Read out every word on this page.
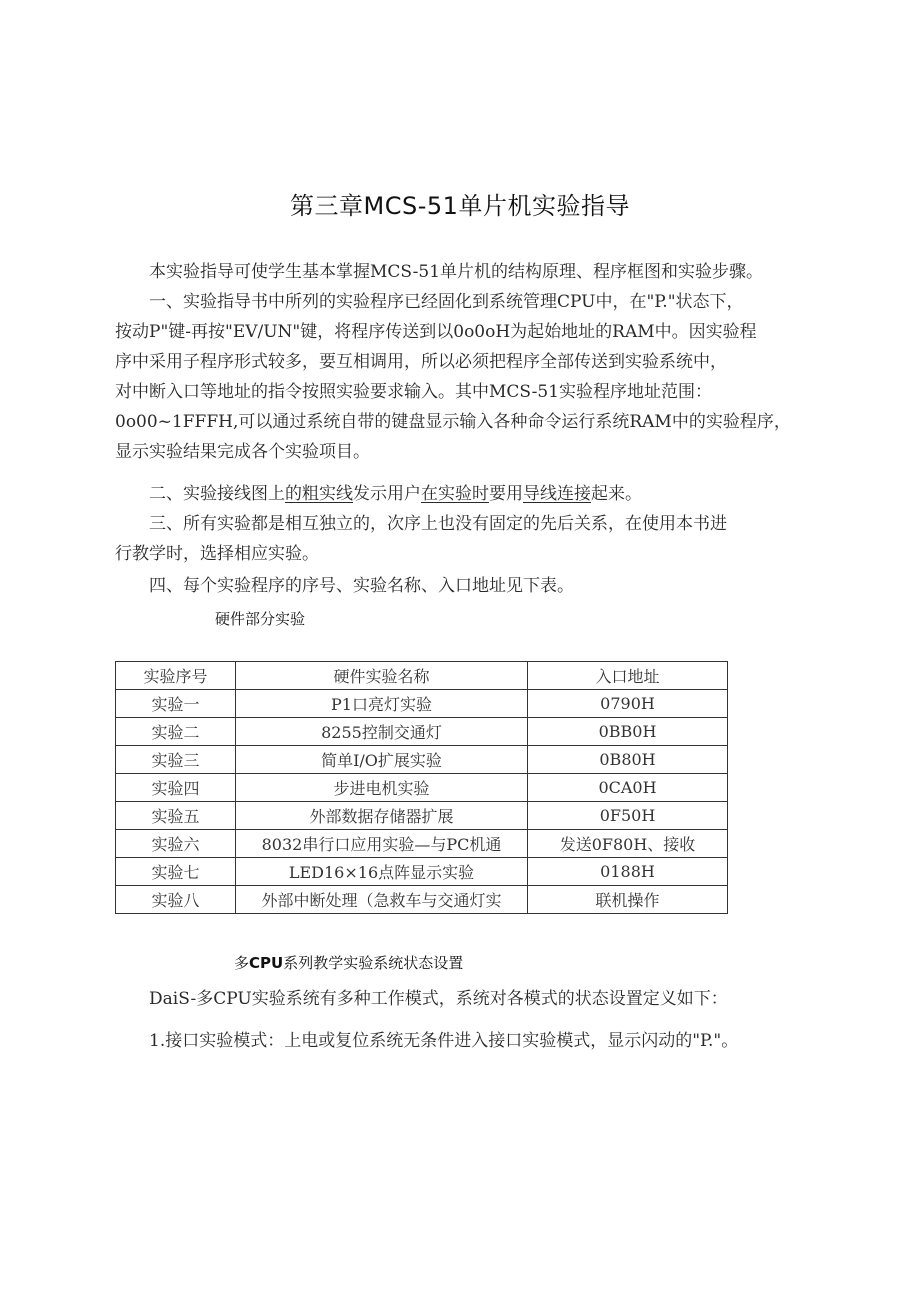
第三章MCS-51单片机实验指导
本实验指导可使学生基本掌握MCS-51单片机的结构原理、程序框图和实验步骤。
一、实验指导书中所列的实验程序已经固化到系统管理CPU中，在"P."状态下，
按动P"键-再按"EV/UN"键，将程序传送到以0o0oH为起始地址的RAM中。因实验程
序中采用子程序形式较多，要互相调用，所以必须把程序全部传送到实验系统中，
对中断入口等地址的指令按照实验要求输入。其中MCS-51实验程序地址范围：
0o00~1FFFH,可以通过系统自带的键盘显示输入各种命令运行系统RAM中的实验程序，
显示实验结果完成各个实验项目。
二、实验接线图上的粗实线发示用户在实验时要用导线连接起来。
三、所有实验都是相互独立的，次序上也没有固定的先后关系，在使用本书进
行教学时，选择相应实验。
四、每个实验程序的序号、实验名称、入口地址见下表。
硬件部分实验
实验序号	硬件实验名称	入口地址
实验一	P1口亮灯实验	0790H
实验二	8255控制交通灯	0BB0H
实验三	简单I/O扩展实验	0B80H
实验四	步进电机实验	0CA0H
实验五	外部数据存储器扩展	0F50H
实验六	8032串行口应用实验—与PC机通	发送0F80H、接收
实验七	LED16×16点阵显示实验	0188H
实验八	外部中断处理（急救车与交通灯实	联机操作
多CPU系列教学实验系统状态设置
DaiS-多CPU实验系统有多种工作模式，系统对各模式的状态设置定义如下：
1.接口实验模式：上电或复位系统无条件进入接口实验模式，显示闪动的"P."。
